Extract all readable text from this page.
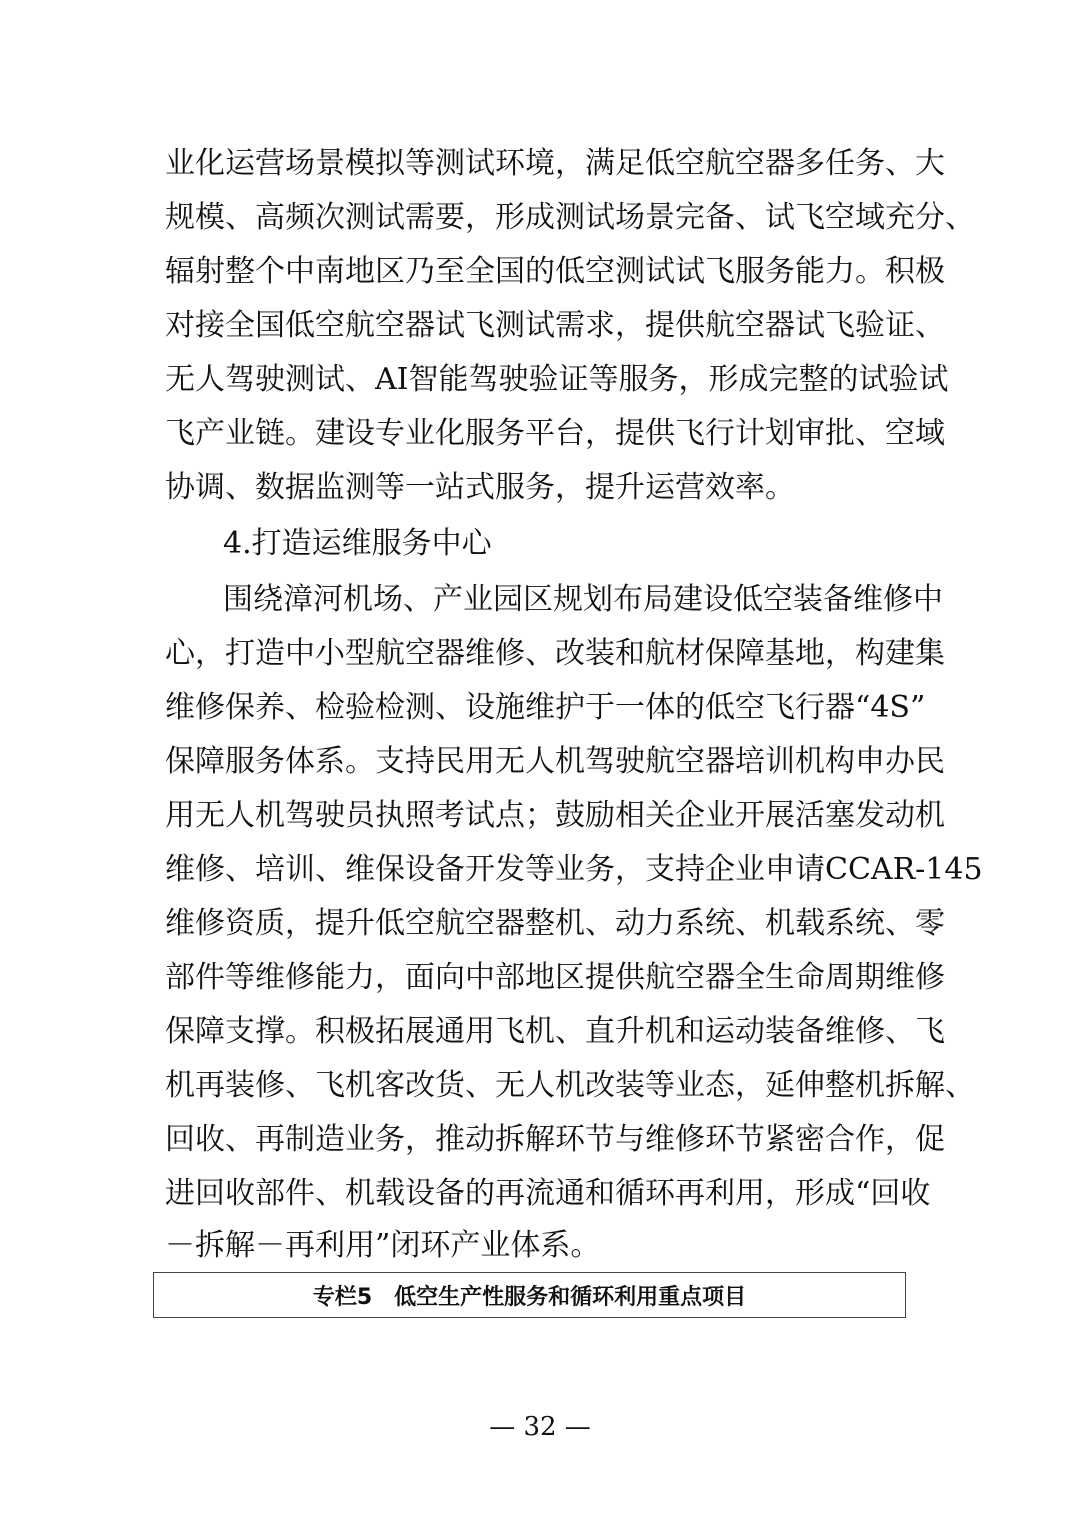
业化运营场景模拟等测试环境，满足低空航空器多任务、大
规模、高频次测试需要，形成测试场景完备、试飞空域充分、
辐射整个中南地区乃至全国的低空测试试飞服务能力。积极
对接全国低空航空器试飞测试需求，提供航空器试飞验证、
无人驾驶测试、AI智能驾驶验证等服务，形成完整的试验试
飞产业链。建设专业化服务平台，提供飞行计划审批、空域
协调、数据监测等一站式服务，提升运营效率。
4.打造运维服务中心
围绕漳河机场、产业园区规划布局建设低空装备维修中
心，打造中小型航空器维修、改装和航材保障基地，构建集
维修保养、检验检测、设施维护于一体的低空飞行器“4S”
保障服务体系。支持民用无人机驾驶航空器培训机构申办民
用无人机驾驶员执照考试点；鼓励相关企业开展活塞发动机
维修、培训、维保设备开发等业务，支持企业申请CCAR-145
维修资质，提升低空航空器整机、动力系统、机载系统、零
部件等维修能力，面向中部地区提供航空器全生命周期维修
保障支撑。积极拓展通用飞机、直升机和运动装备维修、飞
机再装修、飞机客改货、无人机改装等业态，延伸整机拆解、
回收、再制造业务，推动拆解环节与维修环节紧密合作，促
进回收部件、机载设备的再流通和循环再利用，形成“回收
－拆解－再利用”闭环产业体系。
专栏5　低空生产性服务和循环利用重点项目
— 32 —
